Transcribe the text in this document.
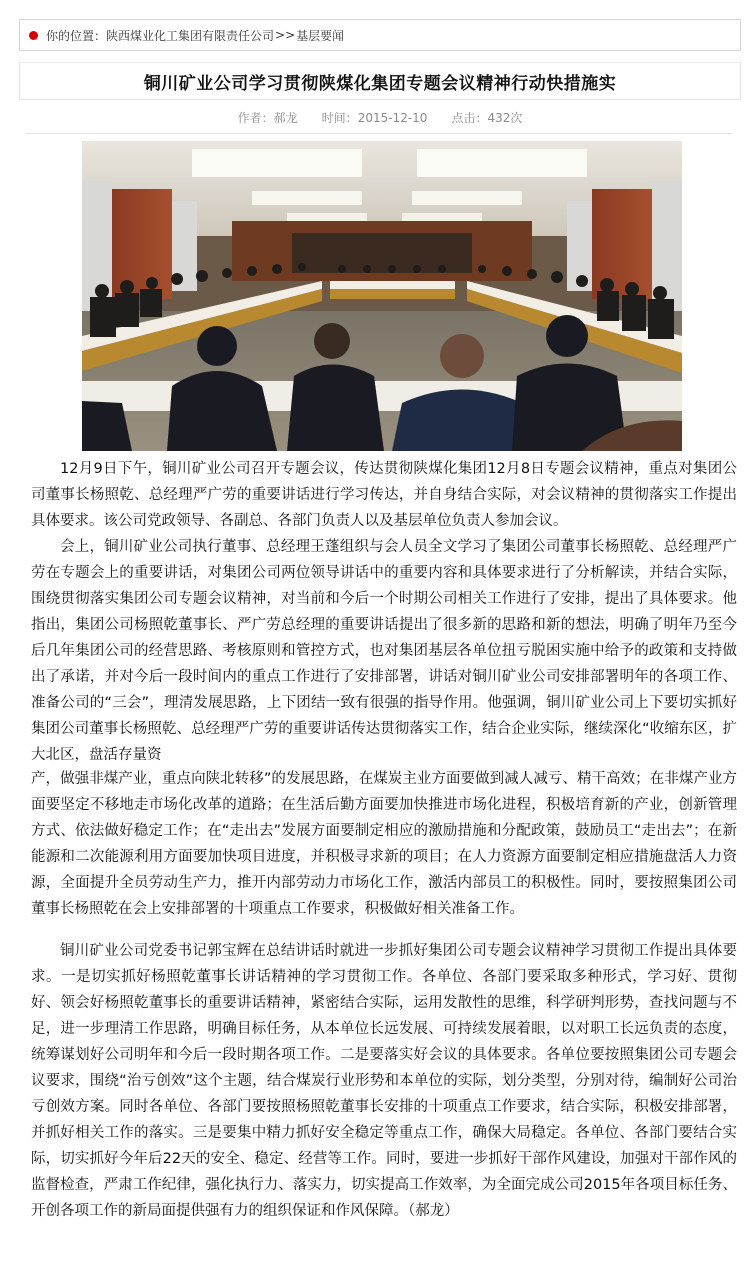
你的位置： 陕西煤业化工集团有限责任公司 >> 基层要闻
铜川矿业公司学习贯彻陕煤化集团专题会议精神行动快措施实
作者：郝龙 时间：2015-12-10 点击：432次

12月9日下午，铜川矿业公司召开专题会议，传达贯彻陕煤化集团12月8日专题会议精神，重点对集团公司董事长杨照乾、总经理严广劳的重要讲话进行学习传达，并自身结合实际，对会议精神的贯彻落实工作提出具体要求。该公司党政领导、各副总、各部门负责人以及基层单位负责人参加会议。

会上，铜川矿业公司执行董事、总经理王蓬组织与会人员全文学习了集团公司董事长杨照乾、总经理严广劳在专题会上的重要讲话，对集团公司两位领导讲话中的重要内容和具体要求进行了分析解读，并结合实际，围绕贯彻落实集团公司专题会议精神，对当前和今后一个时期公司相关工作进行了安排，提出了具体要求。他指出，集团公司杨照乾董事长、严广劳总经理的重要讲话提出了很多新的思路和新的想法，明确了明年乃至今后几年集团公司的经营思路、考核原则和管控方式，也对集团基层各单位扭亏脱困实施中给予的政策和支持做出了承诺，并对今后一段时间内的重点工作进行了安排部署，讲话对铜川矿业公司安排部署明年的各项工作、准备公司的“三会”，理清发展思路，上下团结一致有很强的指导作用。他强调，铜川矿业公司上下要切实抓好集团公司董事长杨照乾、总经理严广劳的重要讲话传达贯彻落实工作，结合企业实际，继续深化“收缩东区，扩大北区，盘活存量资

产，做强非煤产业，重点向陕北转移”的发展思路，在煤炭主业方面要做到减人减亏、精干高效；在非煤产业方面要坚定不移地走市场化改革的道路；在生活后勤方面要加快推进市场化进程，积极培育新的产业，创新管理方式、依法做好稳定工作；在“走出去”发展方面要制定相应的激励措施和分配政策，鼓励员工“走出去”；在新能源和二次能源利用方面要加快项目进度，并积极寻求新的项目；在人力资源方面要制定相应措施盘活人力资源，全面提升全员劳动生产力，推开内部劳动力市场化工作，激活内部员工的积极性。同时，要按照集团公司董事长杨照乾在会上安排部署的十项重点工作要求，积极做好相关准备工作。

铜川矿业公司党委书记郭宝辉在总结讲话时就进一步抓好集团公司专题会议精神学习贯彻工作提出具体要求。一是切实抓好杨照乾董事长讲话精神的学习贯彻工作。各单位、各部门要采取多种形式，学习好、贯彻好、领会好杨照乾董事长的重要讲话精神，紧密结合实际，运用发散性的思维，科学研判形势，查找问题与不足，进一步理清工作思路，明确目标任务，从本单位长远发展、可持续发展着眼，以对职工长远负责的态度，统筹谋划好公司明年和今后一段时期各项工作。二是要落实好会议的具体要求。各单位要按照集团公司专题会议要求，围绕“治亏创效”这个主题，结合煤炭行业形势和本单位的实际，划分类型，分别对待，编制好公司治亏创效方案。同时各单位、各部门要按照杨照乾董事长安排的十项重点工作要求，结合实际，积极安排部署，并抓好相关工作的落实。三是要集中精力抓好安全稳定等重点工作，确保大局稳定。各单位、各部门要结合实际，切实抓好今年后22天的安全、稳定、经营等工作。同时，要进一步抓好干部作风建设，加强对干部作风的监督检查，严肃工作纪律，强化执行力、落实力，切实提高工作效率，为全面完成公司2015年各项目标任务、开创各项工作的新局面提供强有力的组织保证和作风保障。（郝龙）
